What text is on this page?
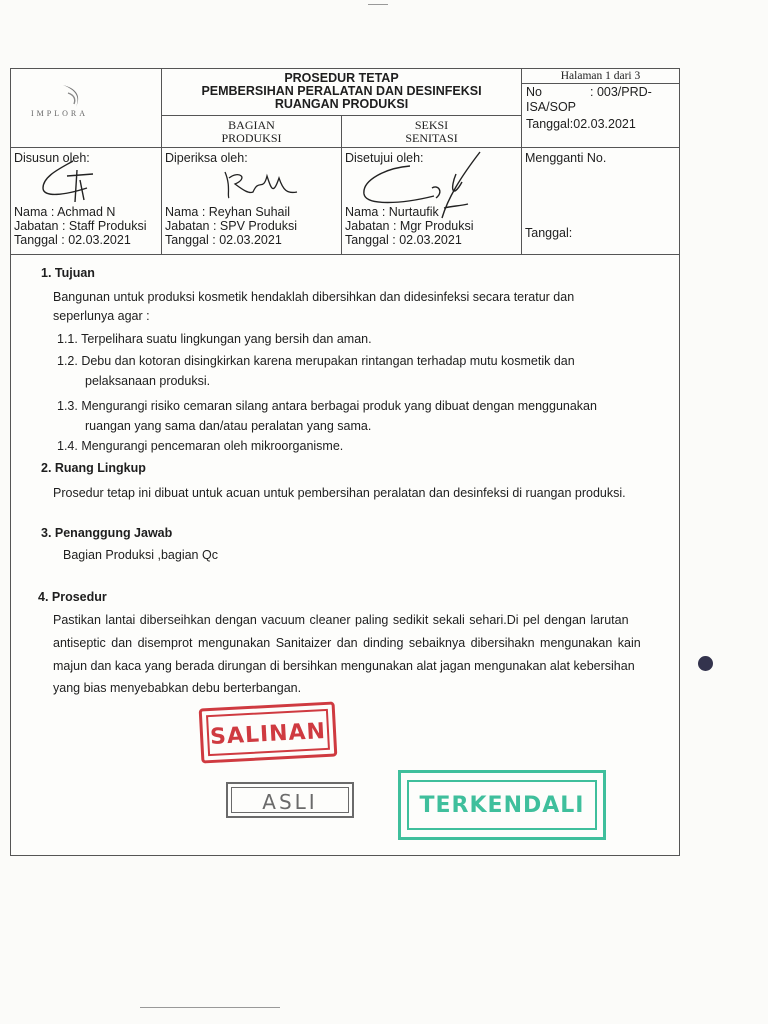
IMPLORA
PROSEDUR TETAP
PEMBERSIHAN PERALATAN DAN DESINFEKSI
RUANGAN PRODUKSI
BAGIAN
PRODUKSI
SEKSI
SENITASI
Halaman 1 dari 3
No	: 003/PRD-
ISA/SOP
Tanggal:02.03.2021
Disusun oleh:
Nama : Achmad N
Jabatan : Staff Produksi
Tanggal : 02.03.2021
Diperiksa oleh:
Nama : Reyhan Suhail
Jabatan : SPV Produksi
Tanggal : 02.03.2021
Disetujui oleh:
Nama : Nurtaufik
Jabatan : Mgr Produksi
Tanggal : 02.03.2021
Mengganti No.
Tanggal:
1. Tujuan
Bangunan untuk produksi kosmetik hendaklah dibersihkan dan didesinfeksi secara teratur dan
seperlunya agar :
1.1. Terpelihara suatu lingkungan yang bersih dan aman.
1.2. Debu dan kotoran disingkirkan karena merupakan rintangan terhadap mutu kosmetik dan
pelaksanaan produksi.
1.3. Mengurangi risiko cemaran silang antara berbagai produk yang dibuat dengan menggunakan
ruangan yang sama dan/atau peralatan yang sama.
1.4. Mengurangi pencemaran oleh mikroorganisme.
2. Ruang Lingkup
Prosedur tetap ini dibuat untuk acuan untuk pembersihan peralatan dan desinfeksi di ruangan produksi.
3. Penanggung Jawab
Bagian Produksi ,bagian Qc
4. Prosedur
Pastikan lantai diberseihkan dengan vacuum cleaner paling sedikit sekali sehari.Di pel dengan larutan
antiseptic dan disemprot mengunakan Sanitaizer dan dinding sebaiknya dibersihakn mengunakan kain
majun dan kaca yang berada dirungan di bersihkan mengunakan alat jagan mengunakan alat kebersihan
yang bias menyebabkan debu berterbangan.
SALINAN
ASLI	TERKENDALI
